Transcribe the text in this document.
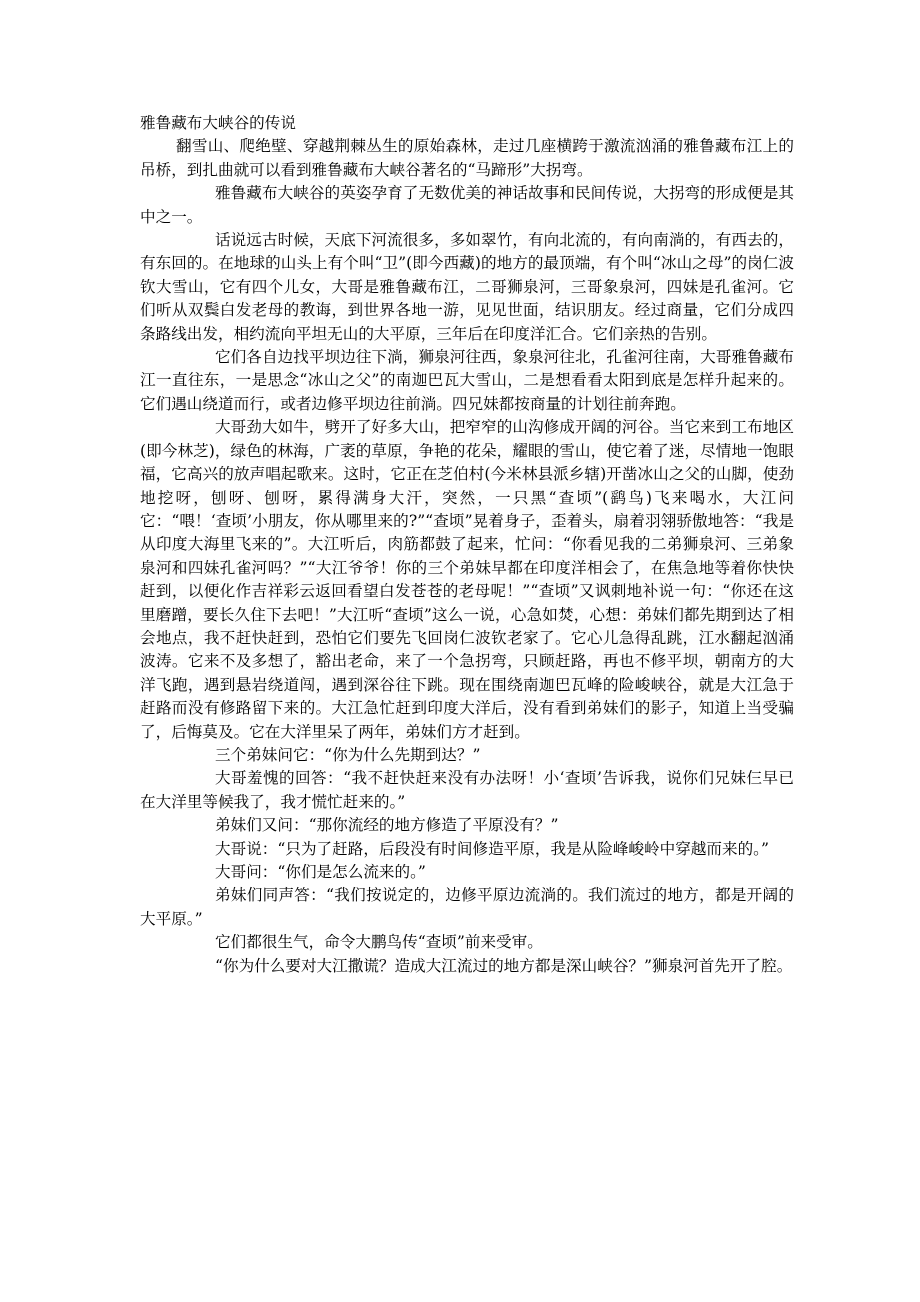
雅鲁藏布大峡谷的传说

翻雪山、爬绝壁、穿越荆棘丛生的原始森林，走过几座横跨于激流汹涌的雅鲁藏布江上的吊桥，到扎曲就可以看到雅鲁藏布大峡谷著名的“马蹄形”大拐弯。

雅鲁藏布大峡谷的英姿孕育了无数优美的神话故事和民间传说，大拐弯的形成便是其中之一。

话说远古时候，天底下河流很多，多如翠竹，有向北流的，有向南淌的，有西去的，有东回的。在地球的山头上有个叫“卫”(即今西藏)的地方的最顶端，有个叫“冰山之母”的岗仁波钦大雪山，它有四个儿女，大哥是雅鲁藏布江，二哥狮泉河，三哥象泉河，四妹是孔雀河。它们听从双鬓白发老母的教诲，到世界各地一游，见见世面，结识朋友。经过商量，它们分成四条路线出发，相约流向平坦无山的大平原，三年后在印度洋汇合。它们亲热的告别。

它们各自边找平坝边往下淌，狮泉河往西，象泉河往北，孔雀河往南，大哥雅鲁藏布江一直往东，一是思念“冰山之父”的南迦巴瓦大雪山，二是想看看太阳到底是怎样升起来的。它们遇山绕道而行，或者边修平坝边往前淌。四兄妹都按商量的计划往前奔跑。

大哥劲大如牛，劈开了好多大山，把窄窄的山沟修成开阔的河谷。当它来到工布地区(即今林芝)，绿色的林海，广袤的草原，争艳的花朵，耀眼的雪山，使它着了迷，尽情地一饱眼福，它高兴的放声唱起歌来。这时，它正在芝伯村(今米林县派乡辖)开凿冰山之父的山脚，使劲地挖呀，刨呀、刨呀，累得满身大汗，突然，一只黑“查顷”(鹞鸟)飞来喝水，大江问它：“喂！‘查顷’小朋友，你从哪里来的?”“查顷”晃着身子，歪着头，扇着羽翎骄傲地答：“我是从印度大海里飞来的”。大江听后，肉筋都鼓了起来，忙问：“你看见我的二弟狮泉河、三弟象泉河和四妹孔雀河吗？”“大江爷爷！你的三个弟妹早都在印度洋相会了，在焦急地等着你快快赶到，以便化作吉祥彩云返回看望白发苍苍的老母呢！”“查顷”又讽刺地补说一句：“你还在这里磨蹭，要长久住下去吧！”大江听“查顷”这么一说，心急如焚，心想：弟妹们都先期到达了相会地点，我不赶快赶到，恐怕它们要先飞回岗仁波钦老家了。它心儿急得乱跳，江水翻起汹涌 波涛。它来不及多想了，豁出老命，来了一个急拐弯，只顾赶路，再也不修平坝，朝南方的大洋飞跑，遇到悬岩绕道闯，遇到深谷往下跳。现在围绕南迦巴瓦峰的险峻峡谷，就是大江急于赶路而没有修路留下来的。大江急忙赶到印度大洋后，没有看到弟妹们的影子，知道上当受骗了，后悔莫及。它在大洋里呆了两年，弟妹们方才赶到。

三个弟妹问它：“你为什么先期到达？”

大哥羞愧的回答：“我不赶快赶来没有办法呀！小‘查顷’告诉我，说你们兄妹仨早已在大洋里等候我了，我才慌忙赶来的。”

弟妹们又问：“那你流经的地方修造了平原没有？”

大哥说：“只为了赶路，后段没有时间修造平原，我是从险峰峻岭中穿越而来的。”

大哥问：“你们是怎么流来的。”

弟妹们同声答：“我们按说定的，边修平原边流淌的。我们流过的地方，都是开阔的大平原。”

它们都很生气，命令大鹏鸟传“查顷”前来受审。

“你为什么要对大江撒谎？造成大江流过的地方都是深山峡谷？”狮泉河首先开了腔。
